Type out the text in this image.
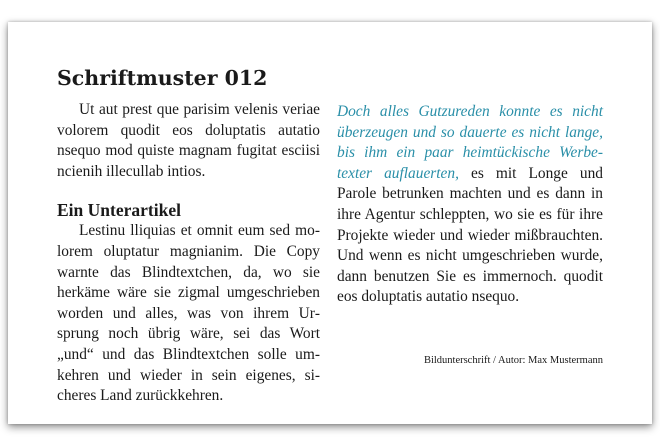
Schriftmuster 012

Ut aut prest que parisim velenis veriae volorem quodit eos doluptatis autatio nsequo mod quiste magnam fugitat esciisi ncienih illecullab intios.

Ein Unterartikel

Lestinu lliquias et omnit eum sed molorem oluptatur magnianim. Die Copy warnte das Blindtextchen, da, wo sie herkäme wäre sie zigmal umgeschrieben worden und alles, was von ihrem Ursprung noch übrig wäre, sei das Wort „und“ und das Blindtextchen solle umkehren und wieder in sein eigenes, sicheres Land zurückkehren.

Doch alles Gutzureden konnte es nicht überzeugen und so dauerte es nicht lange, bis ihm ein paar heimtückische Werbetexter auflauerten, es mit Longe und Parole betrunken machten und es dann in ihre Agentur schleppten, wo sie es für ihre Projekte wieder und wieder mißbrauchten. Und wenn es nicht umgeschrieben wurde, dann benutzen Sie es immernoch. quodit eos doluptatis autatio nsequo.

Bildunterschrift / Autor: Max Mustermann
